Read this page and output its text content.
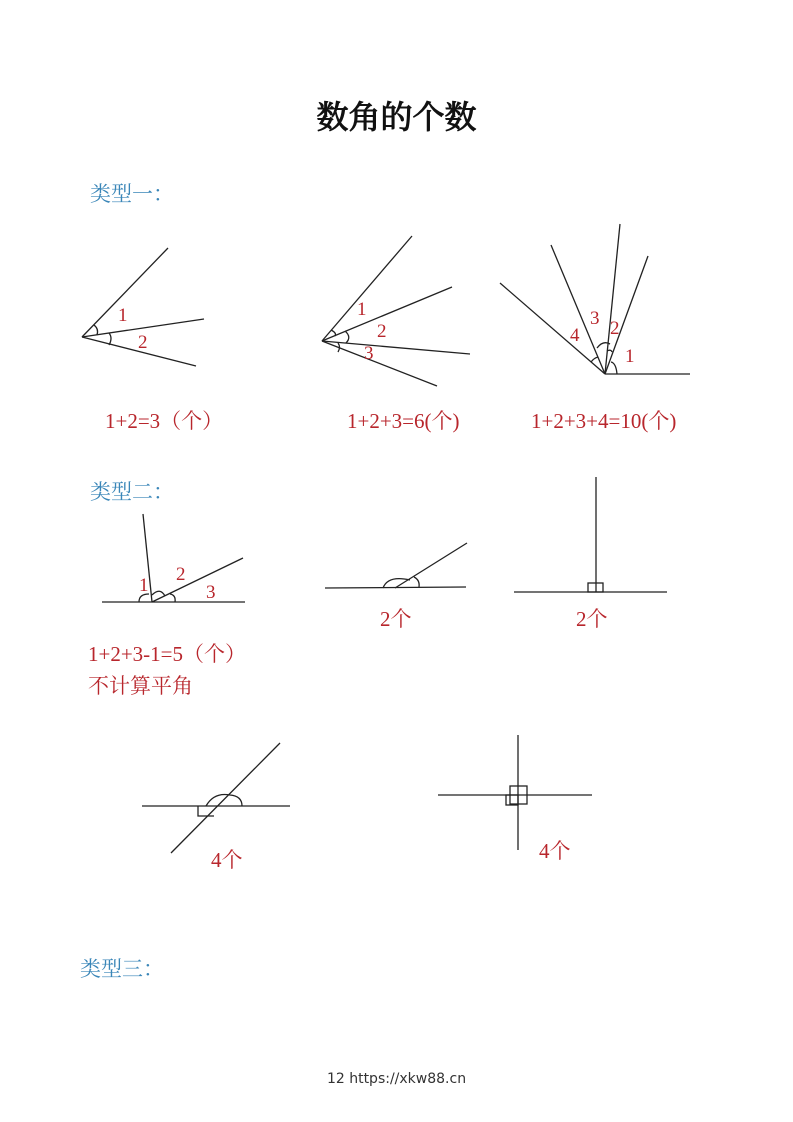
数角的个数
类型一：
类型二：
类型三：
1
2
1
2
3	1
2
3
4
1+2=3（个）	1+2+3=6(个)	1+2+3+4=10(个)
1
2
3
2个	2个
1+2+3-1=5（个）
不计算平角
4个	4个
12 https://xkw88.cn
